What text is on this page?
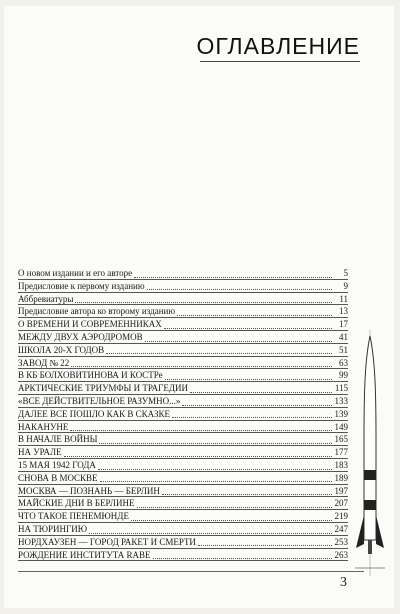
ОГЛАВЛЕНИЕ
О новом издании и его авторе	5
Предисловие к первому изданию	9
Аббревиатуры	11
Предисловие автора ко второму изданию	13
О ВРЕМЕНИ И СОВРЕМЕННИКАХ	17
МЕЖДУ ДВУХ АЭРОДРОМОВ	41
ШКОЛА 20-Х ГОДОВ	51
ЗАВОД № 22	63
В КБ БОЛХОВИТИНОВА И КОСТРе	99
АРКТИЧЕСКИЕ ТРИУМФЫ И ТРАГЕДИИ	115
«ВСЕ ДЕЙСТВИТЕЛЬНОЕ РАЗУМНО...»	133
ДАЛЕЕ ВСЕ ПОШЛО КАК В СКАЗКЕ	139
НАКАНУНЕ	149
В НАЧАЛЕ ВОЙНЫ	165
НА УРАЛЕ	177
15 МАЯ 1942 ГОДА	183
СНОВА В МОСКВЕ	189
МОСКВА — ПОЗНАНЬ — БЕРЛИН	197
МАЙСКИЕ ДНИ В БЕРЛИНЕ	207
ЧТО ТАКОЕ ПЕНЕМЮНДЕ	219
НА ТЮРИНГИЮ	247
НОРДХАУЗЕН — ГОРОД РАКЕТ И СМЕРТИ	253
РОЖДЕНИЕ ИНСТИТУТА RABE	263
3
